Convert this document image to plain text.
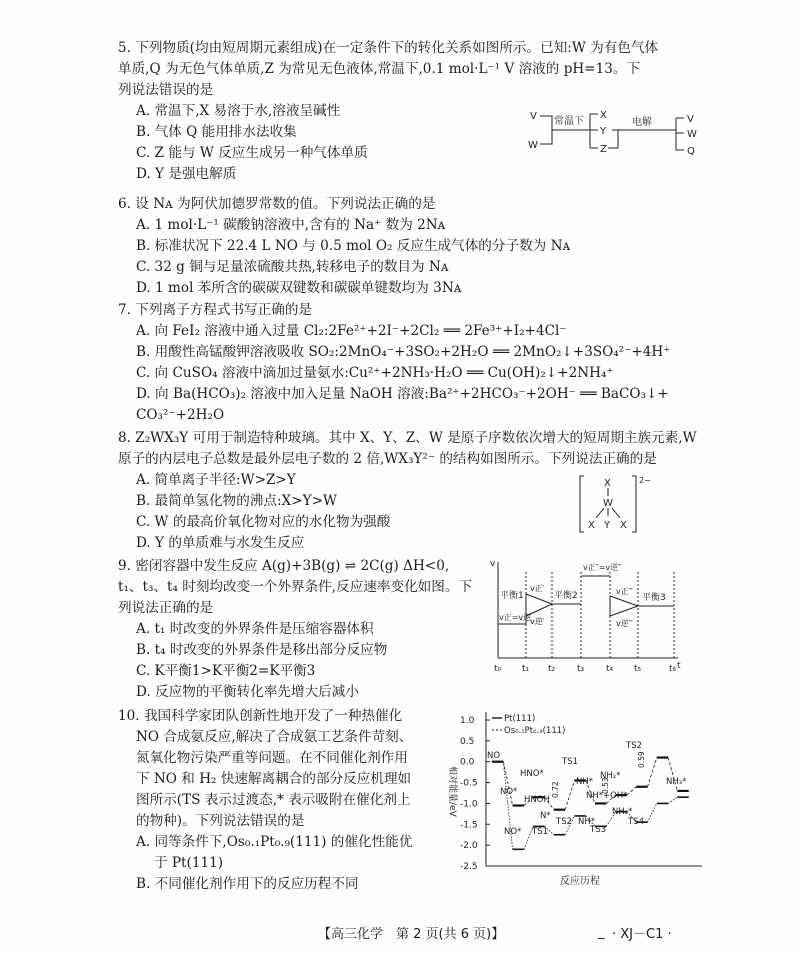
5. 下列物质(均由短周期元素组成)在一定条件下的转化关系如图所示。已知:W 为有色气体
单质,Q 为无色气体单质,Z 为常见无色液体,常温下,0.1 mol·L⁻¹ V 溶液的 pH=13。下
列说法错误的是
A. 常温下,X 易溶于水,溶液呈碱性
B. 气体 Q 能用排水法收集
C. Z 能与 W 反应生成另一种气体单质
D. Y 是强电解质
V
W
常温下
X
Y
Z
电解	V
W
Q
6. 设 Nᴀ 为阿伏加德罗常数的值。下列说法正确的是
A. 1 mol·L⁻¹ 碳酸钠溶液中,含有的 Na⁺ 数为 2Nᴀ
B. 标准状况下 22.4 L NO 与 0.5 mol O₂ 反应生成气体的分子数为 Nᴀ
C. 32 g 铜与足量浓硫酸共热,转移电子的数目为 Nᴀ
D. 1 mol 苯所含的碳碳双键数和碳碳单键数均为 3Nᴀ
7. 下列离子方程式书写正确的是
A. 向 FeI₂ 溶液中通入过量 Cl₂:2Fe²⁺+2I⁻+2Cl₂ ══ 2Fe³⁺+I₂+4Cl⁻
B. 用酸性高锰酸钾溶液吸收 SO₂:2MnO₄⁻+3SO₂+2H₂O ══ 2MnO₂↓+3SO₄²⁻+4H⁺
C. 向 CuSO₄ 溶液中滴加过量氨水:Cu²⁺+2NH₃·H₂O ══ Cu(OH)₂↓+2NH₄⁺
D. 向 Ba(HCO₃)₂ 溶液中加入足量 NaOH 溶液:Ba²⁺+2HCO₃⁻+2OH⁻ ══ BaCO₃↓+
CO₃²⁻+2H₂O
8. Z₂WX₃Y 可用于制造特种玻璃。其中 X、Y、Z、W 是原子序数依次增大的短周期主族元素,W
原子的内层电子总数是最外层电子数的 2 倍,WX₃Y²⁻ 的结构如图所示。下列说法正确的是
A. 简单离子半径:W>Z>Y
B. 最简单氢化物的沸点:X>Y>W
C. W 的最高价氧化物对应的水化物为强酸
D. Y 的单质难与水发生反应
X
W
X Y X
2−
9. 密闭容器中发生反应 A(g)+3B(g) ⇌ 2C(g) ΔH<0,
t₁、t₃、t₄ 时刻均改变一个外界条件,反应速率变化如图。下
列说法正确的是
A. t₁ 时改变的外界条件是压缩容器体积
B. t₄ 时改变的外界条件是移出部分反应物
C. K平衡1>K平衡2=K平衡3
D. 反应物的平衡转化率先增大后减小
v
t
t₀ t₁ t₂ t₃ t₄ t₅	t₆
平衡1	平衡2	平衡3
v正=v逆
v正′
v逆′
v正″=v逆″
v正‴
v逆‴
10. 我国科学家团队创新性地开发了一种热催化
NO 合成氨反应,解决了合成氨工艺条件苛刻、
氮氧化物污染严重等问题。在不同催化剂作用
下 NO 和 H₂ 快速解离耦合的部分反应机理如
图所示(TS 表示过渡态,* 表示吸附在催化剂上
的物种)。下列说法错误的是
A. 同等条件下,Os₀.₁Pt₀.₉(111) 的催化性能优
于 Pt(111)
B. 不同催化剂作用下的反应历程不同
1.0
0.5
0.0
-0.5
-1.0
-1.5
-2.0
-2.5
Pt(111)
Os₀.₁Pt₀.₉(111)
相对能量/eV
反应历程
NO
NO*
HNO*
HNOH
TS1
NH*
NH*+OH*
NH₂*
TS2
NH₃*
NO* TS1
N*
TS2 NH*
TS3
NH₂*
TS4
0.72	0.53
0.59
【高三化学　第 2 页(共 6 页)】	_ · XJ－C1 ·
